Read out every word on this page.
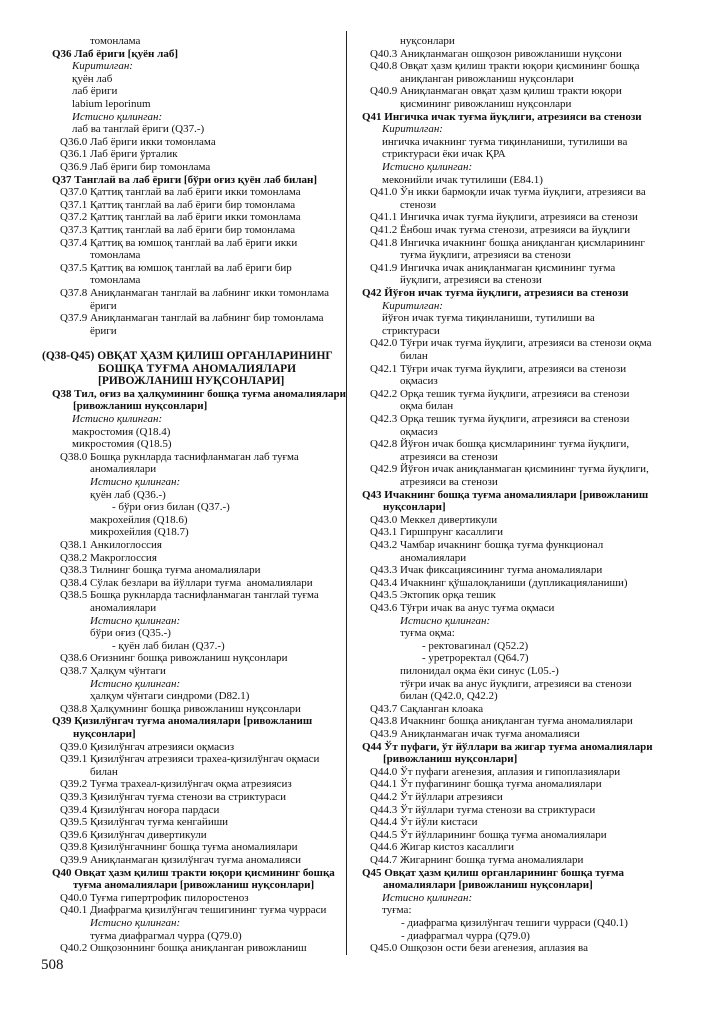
томонлама
Q36 Лаб ёриги [қуён лаб]
Киритилган:
қуён лаб
лаб ёриги
labium leporinum
Истисно қилинган:
лаб ва танглай ёриги (Q37.-)
Q36.0 Лаб ёриги икки томонлама
Q36.1 Лаб ёриги ўрталик
Q36.9 Лаб ёриги бир томонлама
Q37 Танглай ва лаб ёриги [бўри оғиз қуён лаб билан]
Q37.0 Қаттиқ танглай ва лаб ёриги икки томонлама
Q37.1 Қаттиқ танглай ва лаб ёриги бир томонлама
Q37.2 Қаттиқ танглай ва лаб ёриги икки томонлама
Q37.3 Қаттиқ танглай ва лаб ёриги бир томонлама
Q37.4 Қаттиқ ва юмшоқ танглай ва лаб ёриги икки
томонлама
Q37.5 Қаттиқ ва юмшоқ танглай ва лаб ёриги бир
томонлама
Q37.8 Аниқланмаган танглай ва лабнинг икки томонлама
ёриги
Q37.9 Аниқланмаган танглай ва лабнинг бир томонлама
ёриги
(Q38-Q45) ОВҚАТ ҲАЗМ ҚИЛИШ ОРГАНЛАРИНИНГ
БОШҚА ТУҒМА АНОМАЛИЯЛАРИ
[РИВОЖЛАНИШ НУҚСОНЛАРИ]
Q38 Тил, оғиз ва ҳалқумининг бошқа туғма аномалиялари
[ривожланиш нуқсонлари]
Истисно қилинган:
макростомия (Q18.4)
микростомия (Q18.5)
Q38.0 Бошқа рукнларда таснифланмаган лаб туғма
аномалиялари
Истисно қилинган:
қуён лаб (Q36.-)
- бўри оғиз билан (Q37.-)
макрохейлия (Q18.6)
микрохейлия (Q18.7)
Q38.1 Анкилоглоссия
Q38.2 Макроглоссия
Q38.3 Тилнинг бошқа туғма аномалиялари
Q38.4 Сўлак безлари ва йўллари туғма  аномалиялари
Q38.5 Бошқа рукнларда таснифланмаган танглай туғма
аномалиялари
Истисно қилинган:
бўри оғиз (Q35.-)
- қуён лаб билан (Q37.-)
Q38.6 Оғизнинг бошқа ривожланиш нуқсонлари
Q38.7 Ҳалқум чўнтаги
Истисно қилинган:
ҳалқум чўнтаги синдроми (D82.1)
Q38.8 Ҳалқумнинг бошқа ривожланиш нуқсонлари
Q39 Қизилўнгач туғма аномалиялари [ривожланиш
нуқсонлари]
Q39.0 Қизилўнгач атрезияси оқмасиз
Q39.1 Қизилўнгач атрезияси трахеа-қизилўнгач оқмаси
билан
Q39.2 Туғма трахеал-қизилўнгач оқма атрезиясиз
Q39.3 Қизилўнгач туғма стенози ва стриктураси
Q39.4 Қизилўнгач ноғора пардаси
Q39.5 Қизилўнгач туғма кенгайиши
Q39.6 Қизилўнгач дивертикули
Q39.8 Қизилўнгачнинг бошқа туғма аномалиялари
Q39.9 Аниқланмаган қизилўнгач туғма аномалияси
Q40 Овқат ҳазм қилиш тракти юқори қисмининг бошқа
туғма аномалиялари [ривожланиш нуқсонлари]
Q40.0 Туғма гипертрофик пилоростеноз
Q40.1 Диафрагма қизилўнгач тешигининг туғма чурраси
Истисно қилинган:
туғма диафрагмал чурра (Q79.0)
Q40.2 Ошқозоннинг бошқа аниқланган ривожланиш
нуқсонлари
Q40.3 Аниқланмаган ошқозон ривожланиши нуқсони
Q40.8 Овқат ҳазм қилиш тракти юқори қисмининг бошқа
аниқланган ривожланиш нуқсонлари
Q40.9 Аниқланмаган овқат ҳазм қилиш тракти юқори
қисмининг ривожланиш нуқсонлари
Q41 Ингичка ичак туғма йуқлиги, атрезияси ва стенози
Киритилган:
ингичка ичакнинг туғма тиқинланиши, тутилиши ва
стриктураси ёки ичак ҚРА
Истисно қилинган:
меконийли ичак тутилиши (E84.1)
Q41.0 Ўн икки бармоқли ичак туғма йуқлиги, атрезияси ва
стенози
Q41.1 Ингичка ичак туғма йуқлиги, атрезияси ва стенози
Q41.2 Ёнбош ичак туғма стенози, атрезияси ва йуқлиги
Q41.8 Ингичка ичакнинг бошқа аниқланган қисмларининг
туғма йуқлиги, атрезияси ва стенози
Q41.9 Ингичка ичак аниқланмаган қисмининг туғма
йуқлиги, атрезияси ва стенози
Q42 Йўғон ичак туғма йуқлиги, атрезияси ва стенози
Киритилган:
йўғон ичак туғма тиқинланиши, тутилиши ва
стриктураси
Q42.0 Тўғри ичак туғма йуқлиги, атрезияси ва стенози оқма
билан
Q42.1 Тўғри ичак туғма йуқлиги, атрезияси ва стенози
оқмасиз
Q42.2 Орқа тешик туғма йуқлиги, атрезияси ва стенози
оқма билан
Q42.3 Орқа тешик туғма йуқлиги, атрезияси ва стенози
оқмасиз
Q42.8 Йўғон ичак бошқа қисмларининг туғма йуқлиги,
атрезияси ва стенози
Q42.9 Йўғон ичак аниқланмаган қисмининг туғма йуқлиги,
атрезияси ва стенози
Q43 Ичакнинг бошқа туғма аномалиялари [ривожланиш
нуқсонлари]
Q43.0 Меккел дивертикули
Q43.1 Гиршпрунг касаллиги
Q43.2 Чамбар ичакнинг бошқа туғма функционал
аномалиялари
Q43.3 Ичак фиксациясининг туғма аномалиялари
Q43.4 Ичакнинг қўшалоқланиши (дупликацияланиши)
Q43.5 Эктопик орқа тешик
Q43.6 Тўғри ичак ва анус туғма оқмаси
Истисно қилинган:
туғма оқма:
- ректовагинал (Q52.2)
- уретроректал (Q64.7)
пилонидал оқма ёки синус (L05.-)
тўғри ичак ва анус йуқлиги, атрезияси ва стенози
билан (Q42.0, Q42.2)
Q43.7 Сақланган клоака
Q43.8 Ичакнинг бошқа аниқланган туғма аномалиялари
Q43.9 Аниқланмаган ичак туғма аномалияси
Q44 Ўт пуфаги, ўт йўллари ва жигар туғма аномалиялари
[ривожланиш нуқсонлари]
Q44.0 Ўт пуфаги агенезия, аплазия и гипоплазиялари
Q44.1 Ўт пуфагининг бошқа туғма аномалиялари
Q44.2 Ўт йўллари атрезияси
Q44.3 Ўт йўллари туғма стенози ва стриктураси
Q44.4 Ўт йўли кистаси
Q44.5 Ўт йўлларининг бошқа туғма аномалиялари
Q44.6 Жигар кистоз касаллиги
Q44.7 Жигарнинг бошқа туғма аномалиялари
Q45 Овқат ҳазм қилиш органларининг бошқа туғма
аномалиялари [ривожланиш нуқсонлари]
Истисно қилинган:
туғма:
- диафрагма қизилўнгач тешиги чурраси (Q40.1)
- диафрагмал чурра (Q79.0)
Q45.0 Ошқозон ости бези агенезия, аплазия ва
508
